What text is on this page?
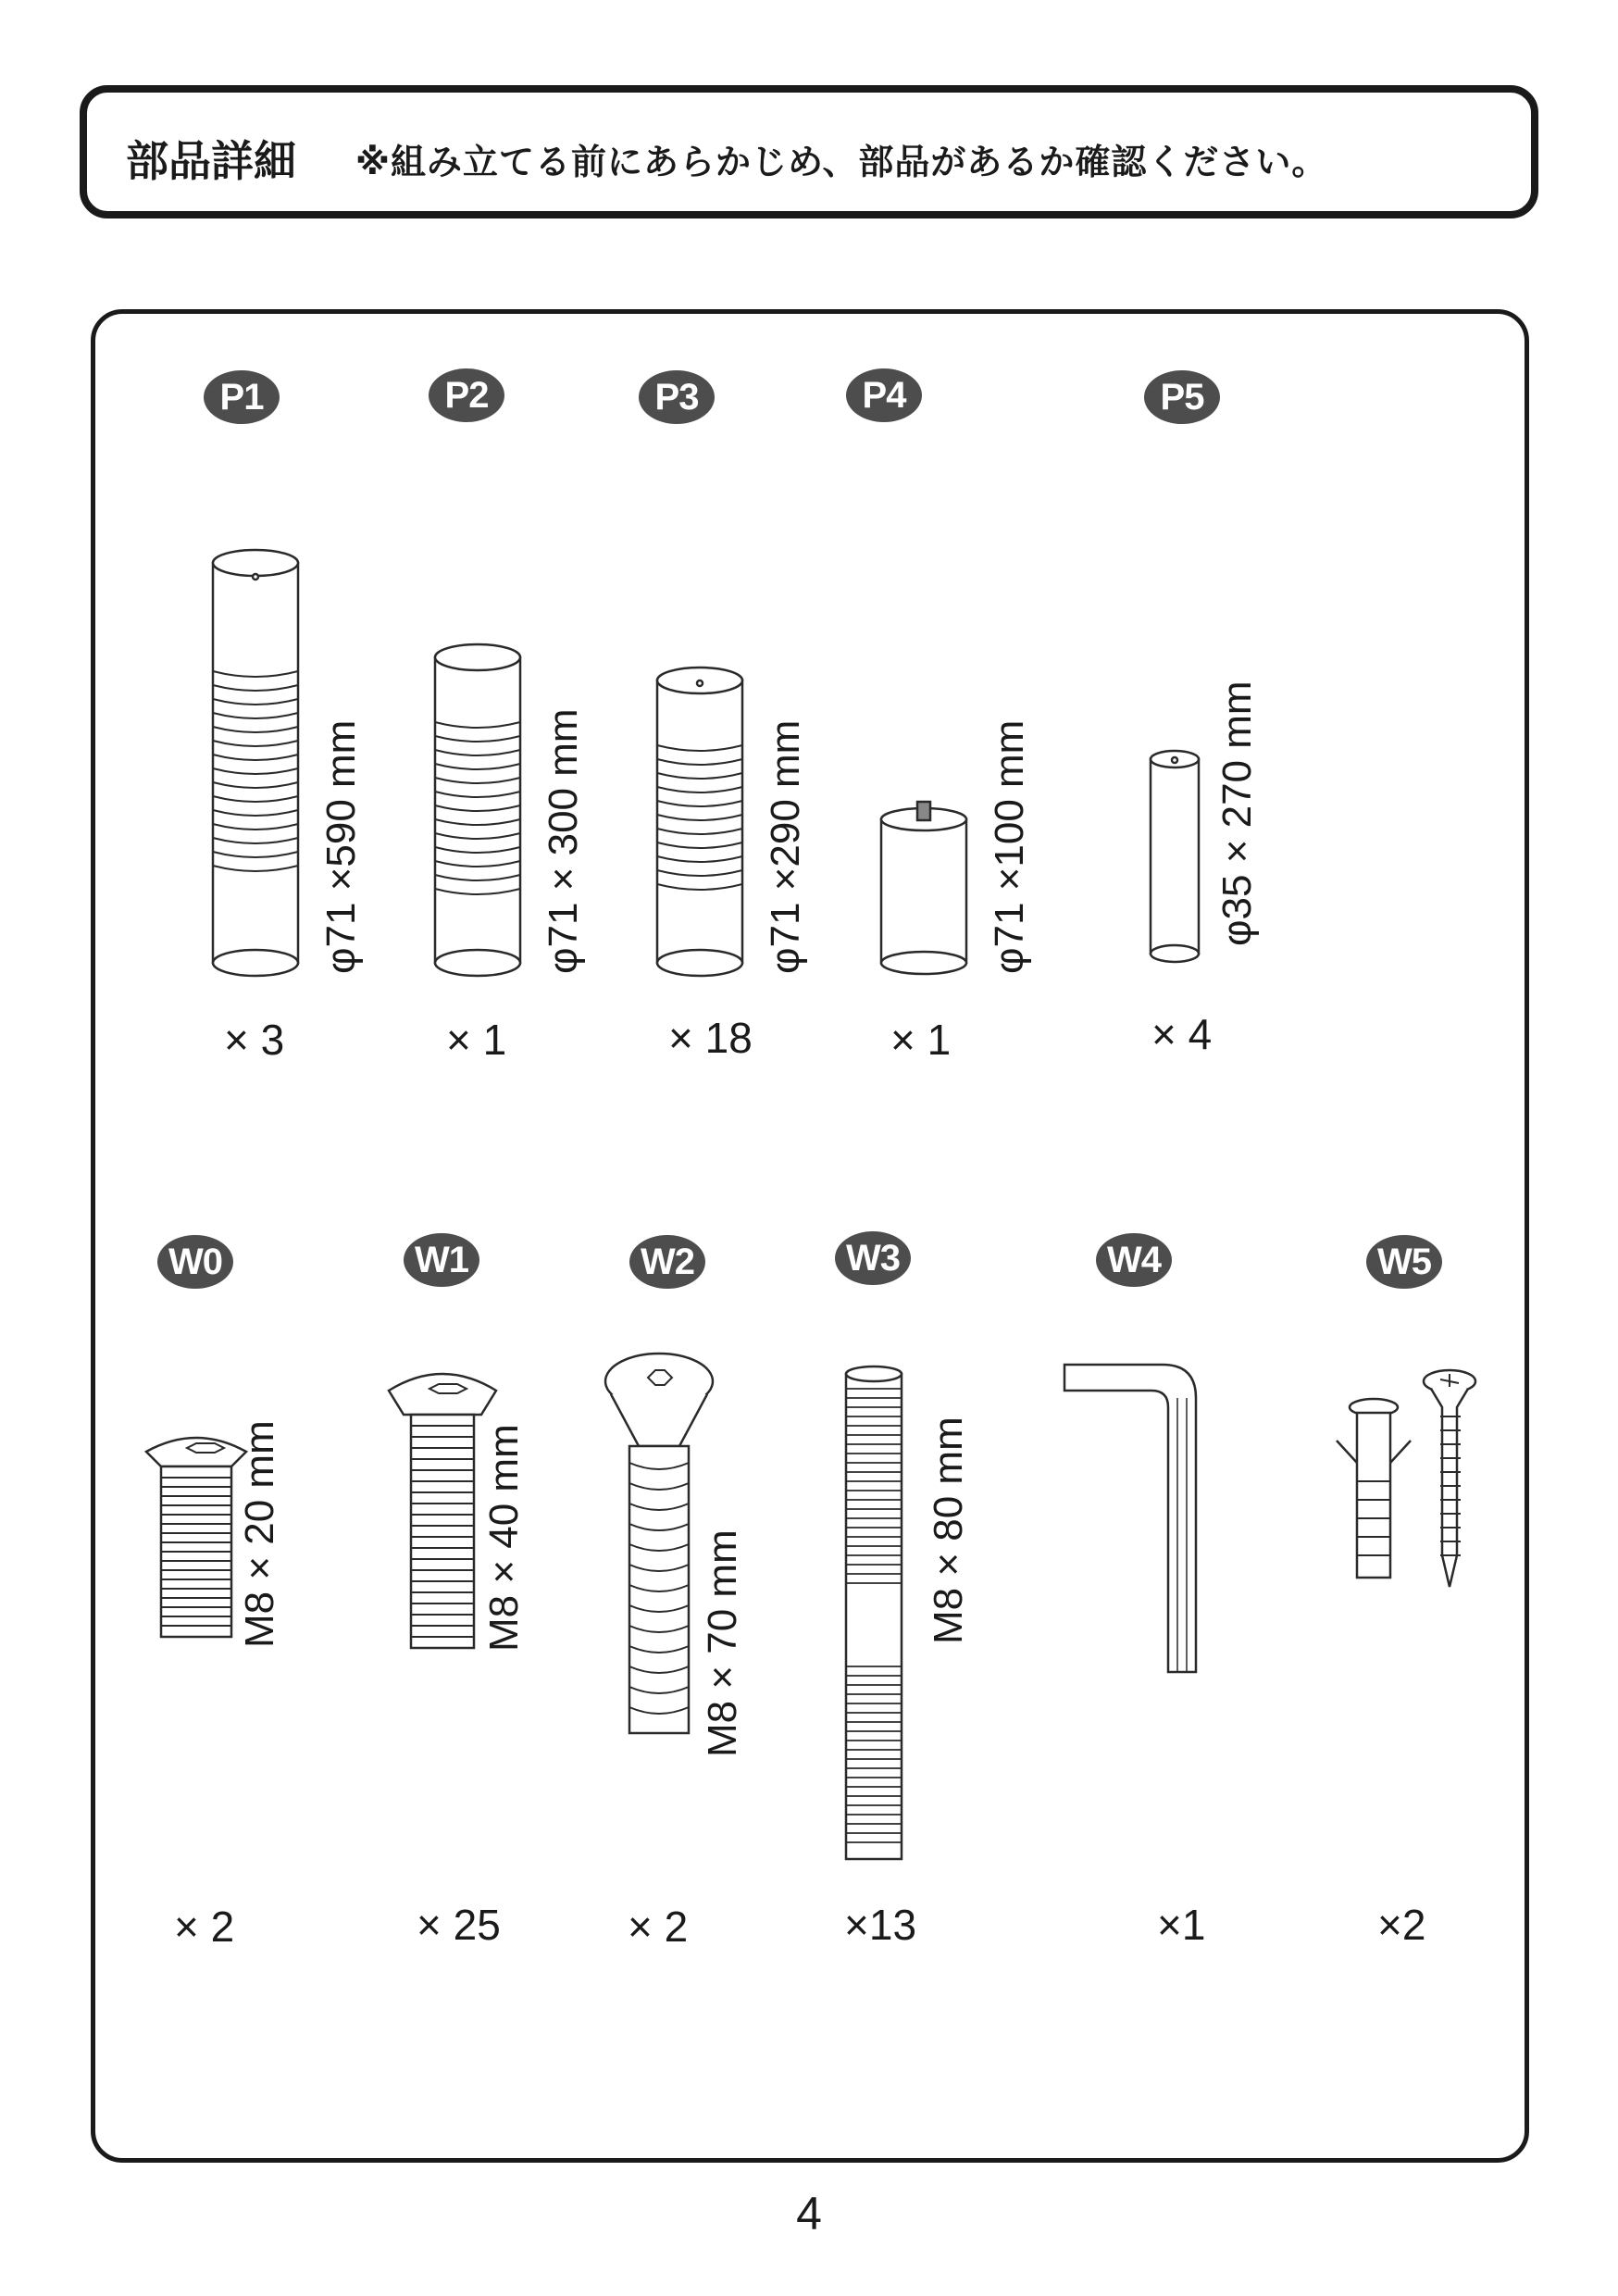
部品詳細 ※組み立てる前にあらかじめ、部品があるか確認ください。
P1	P2	P3	P4	P5
φ71 ×590 mm	φ71 × 300 mm	φ71 ×290 mm	φ71 ×100 mm	φ35 × 270 mm
× 3	× 1	× 18	× 1	× 4
W0	W1	W2	W3	W4	W5
M8 × 20 mm	M8 × 40 mm	M8 × 70 mm	M8 × 80 mm
× 2	× 25	× 2	×13	×1	×2
4
